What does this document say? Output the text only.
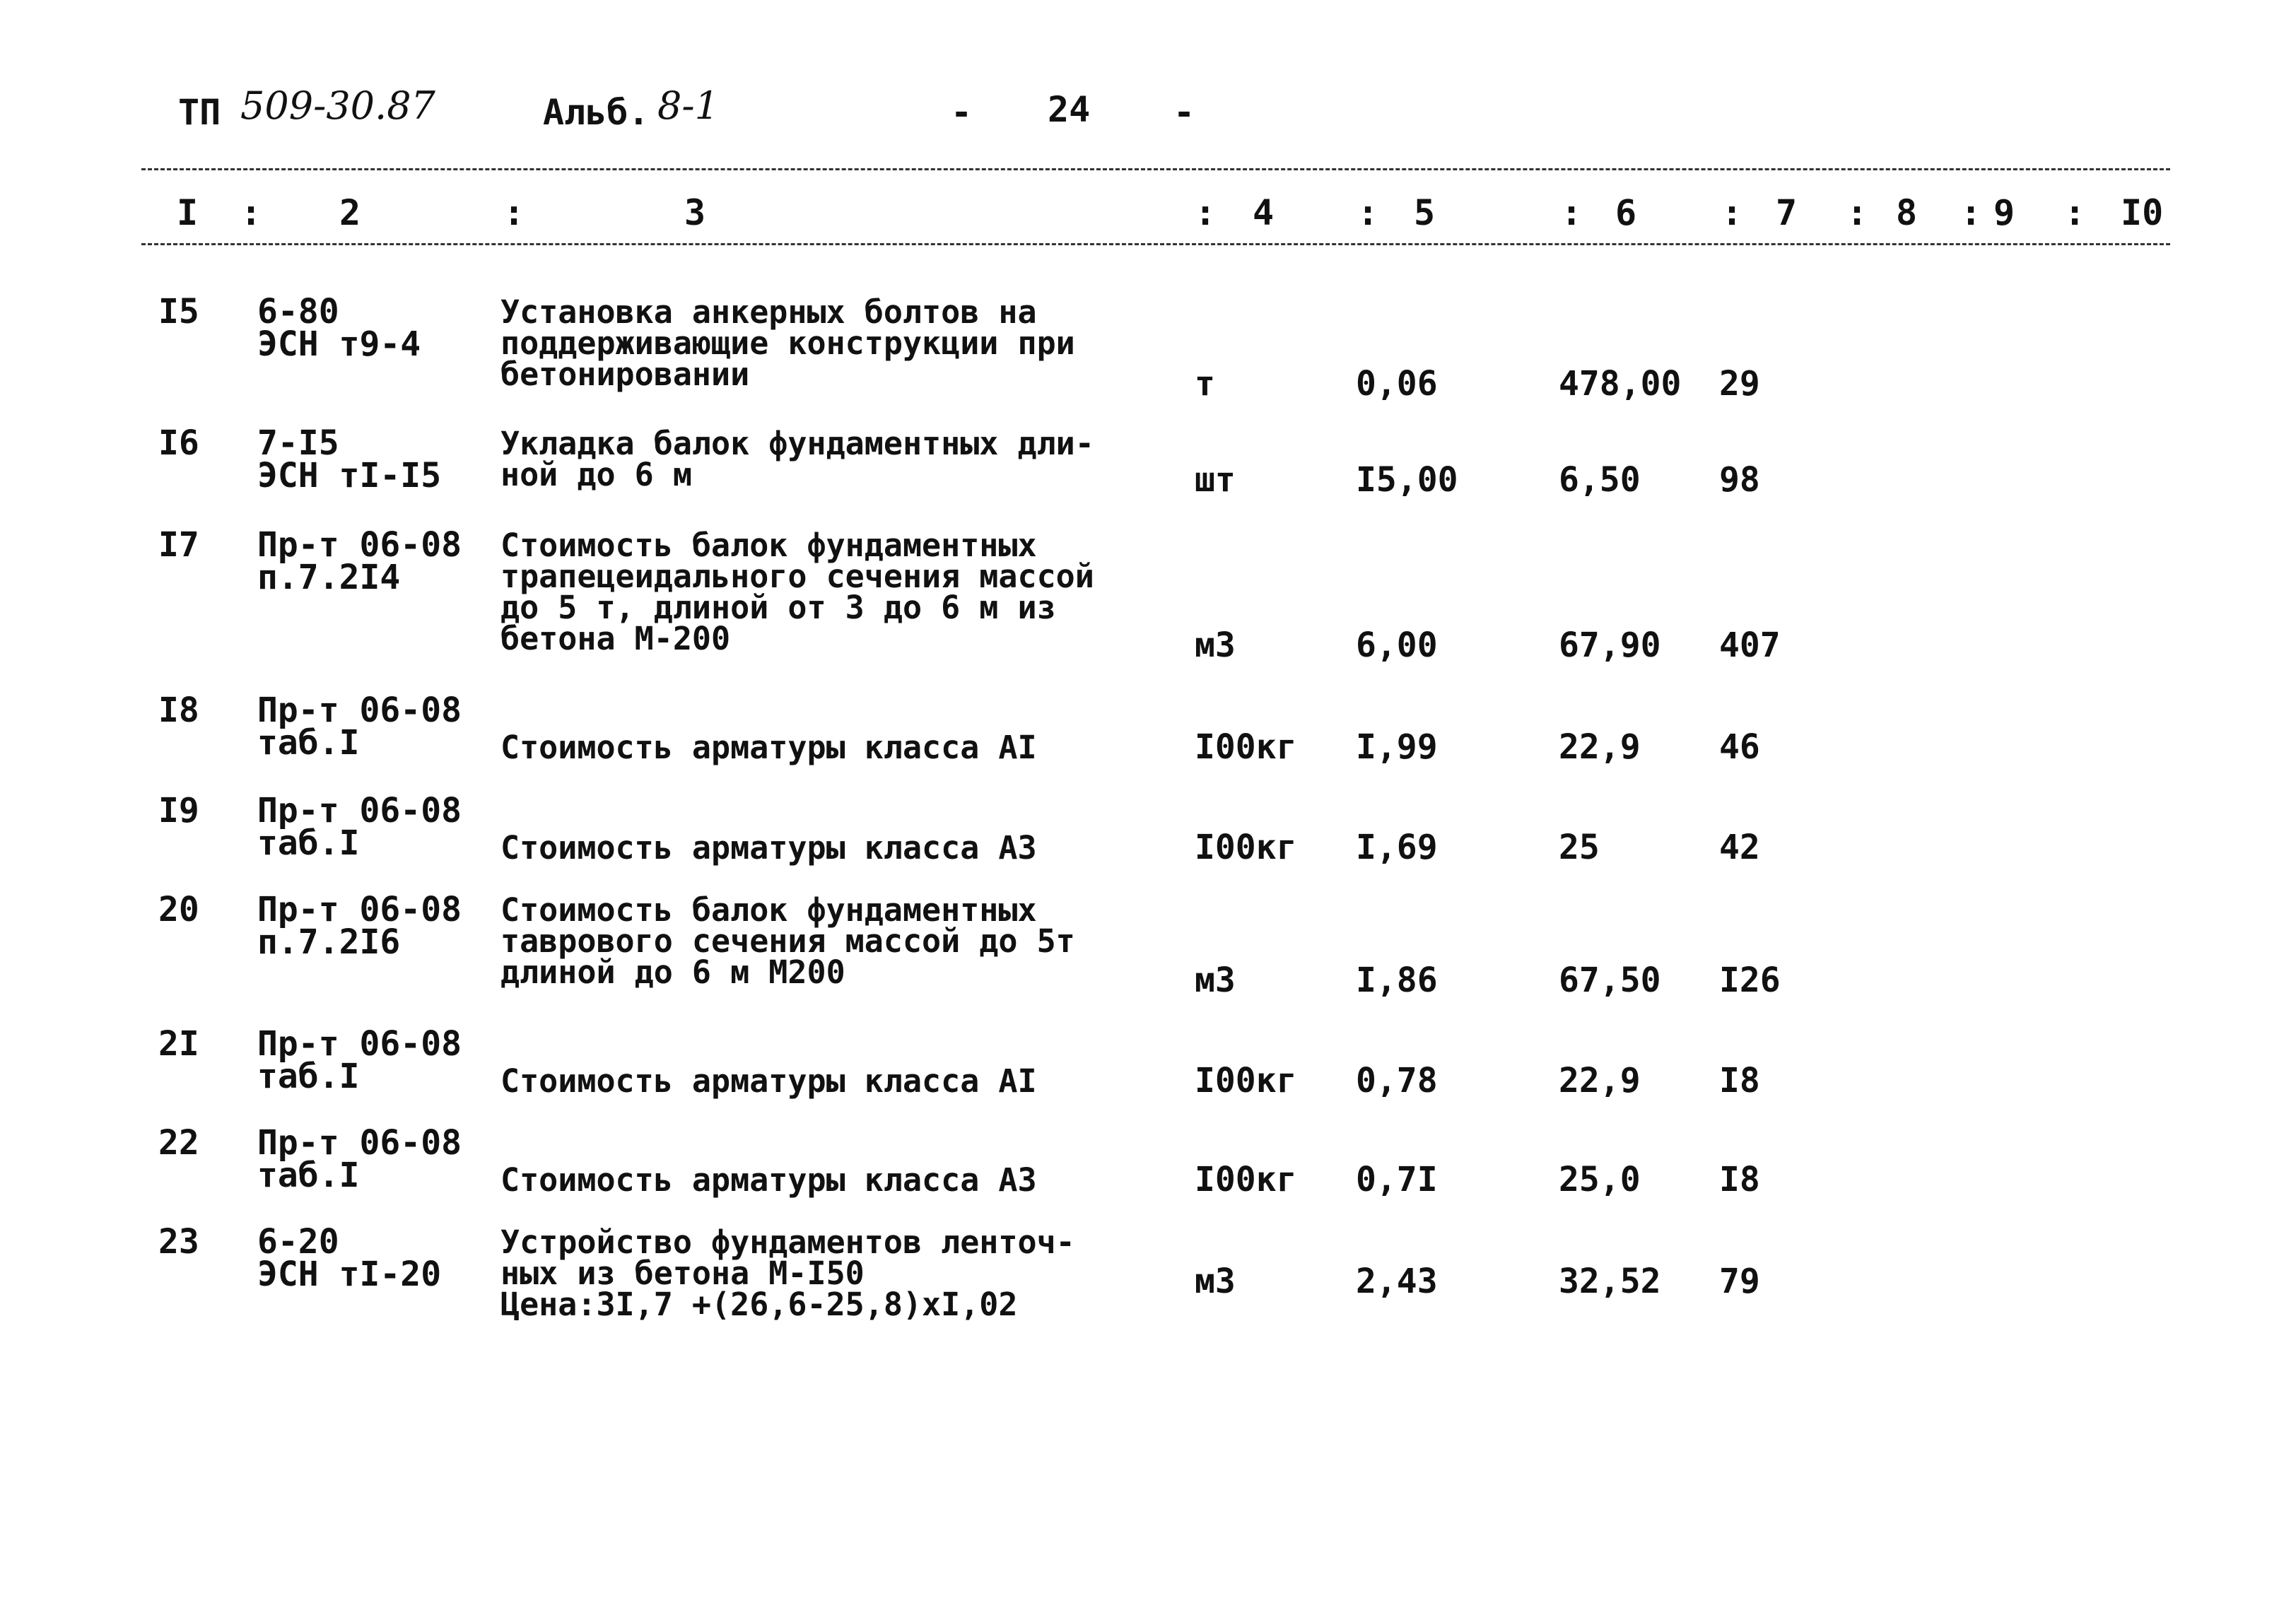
ТП 509-30.87	Альб. 8-1	- 24 -
I : 2	:	3	: 4 : 5	: 6 : 7 : 8 : 9 : I0
I5 6-80
ЭСН т9-4
Установка анкерных болтов на
поддерживающие конструкции при
бетонировании	т	0,06	478,00 29
I6 7-I5
ЭСН тI-I5
Укладка балок фундаментных дли-
ной до 6 м	шт	I5,00	6,50 98
I7 Пр-т 06-08
п.7.2I4
Стоимость балок фундаментных
трапецеидального сечения массой
до 5 т, длиной от 3 до 6 м из
бетона М-200	м3	6,00	67,90 407
I8 Пр-т 06-08
таб.I	Стоимость арматуры класса АI	I00кг I,99	22,9 46
I9 Пр-т 06-08
таб.I	Стоимость арматуры класса А3	I00кг I,69	25	42
20 Пр-т 06-08
п.7.2I6
Стоимость балок фундаментных
таврового сечения массой до 5т
длиной до 6 м М200	м3	I,86	67,50 I26
2I Пр-т 06-08
таб.I	Стоимость арматуры класса АI	I00кг 0,78	22,9 I8
22 Пр-т 06-08
таб.I	Стоимость арматуры класса А3	I00кг 0,7I	25,0 I8
23 6-20
ЭСН тI-20
Устройство фундаментов ленточ-
ных из бетона М-I50
Цена:3I,7 +(26,6-25,8)хI,02
м3	2,43	32,52 79
